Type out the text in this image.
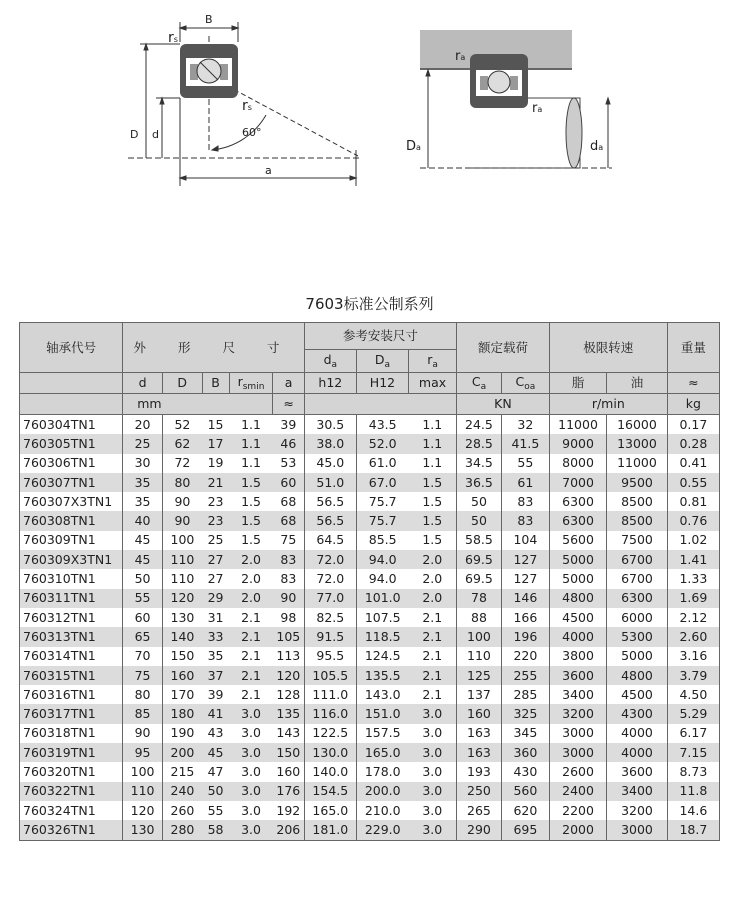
B
rs
rs
60°
D d
a
ra
ra
Da	da
7603标准公制系列
轴承代号	外 形 尺 寸					参考安装尺寸			额定载荷		极限转速		重量
						$d_a$	$D_a$	$r_a$
	d	D	B	$r_{smin}$	a	h12	H12	max	$C_a$	$C_{oa}$	脂	油	≈
	mm				≈				KN		r/min		kg
760304TN1	20	52	15	1.1	39	30.5	43.5	1.1	24.5	32	11000	16000	0.17
760305TN1	25	62	17	1.1	46	38.0	52.0	1.1	28.5	41.5	9000	13000	0.28
760306TN1	30	72	19	1.1	53	45.0	61.0	1.1	34.5	55	8000	11000	0.41
760307TN1	35	80	21	1.5	60	51.0	67.0	1.5	36.5	61	7000	9500	0.55
760307X3TN1	35	90	23	1.5	68	56.5	75.7	1.5	50	83	6300	8500	0.81
760308TN1	40	90	23	1.5	68	56.5	75.7	1.5	50	83	6300	8500	0.76
760309TN1	45	100	25	1.5	75	64.5	85.5	1.5	58.5	104	5600	7500	1.02
760309X3TN1	45	110	27	2.0	83	72.0	94.0	2.0	69.5	127	5000	6700	1.41
760310TN1	50	110	27	2.0	83	72.0	94.0	2.0	69.5	127	5000	6700	1.33
760311TN1	55	120	29	2.0	90	77.0	101.0	2.0	78	146	4800	6300	1.69
760312TN1	60	130	31	2.1	98	82.5	107.5	2.1	88	166	4500	6000	2.12
760313TN1	65	140	33	2.1	105	91.5	118.5	2.1	100	196	4000	5300	2.60
760314TN1	70	150	35	2.1	113	95.5	124.5	2.1	110	220	3800	5000	3.16
760315TN1	75	160	37	2.1	120	105.5	135.5	2.1	125	255	3600	4800	3.79
760316TN1	80	170	39	2.1	128	111.0	143.0	2.1	137	285	3400	4500	4.50
760317TN1	85	180	41	3.0	135	116.0	151.0	3.0	160	325	3200	4300	5.29
760318TN1	90	190	43	3.0	143	122.5	157.5	3.0	163	345	3000	4000	6.17
760319TN1	95	200	45	3.0	150	130.0	165.0	3.0	163	360	3000	4000	7.15
760320TN1	100	215	47	3.0	160	140.0	178.0	3.0	193	430	2600	3600	8.73
760322TN1	110	240	50	3.0	176	154.5	200.0	3.0	250	560	2400	3400	11.8
760324TN1	120	260	55	3.0	192	165.0	210.0	3.0	265	620	2200	3200	14.6
760326TN1	130	280	58	3.0	206	181.0	229.0	3.0	290	695	2000	3000	18.7
